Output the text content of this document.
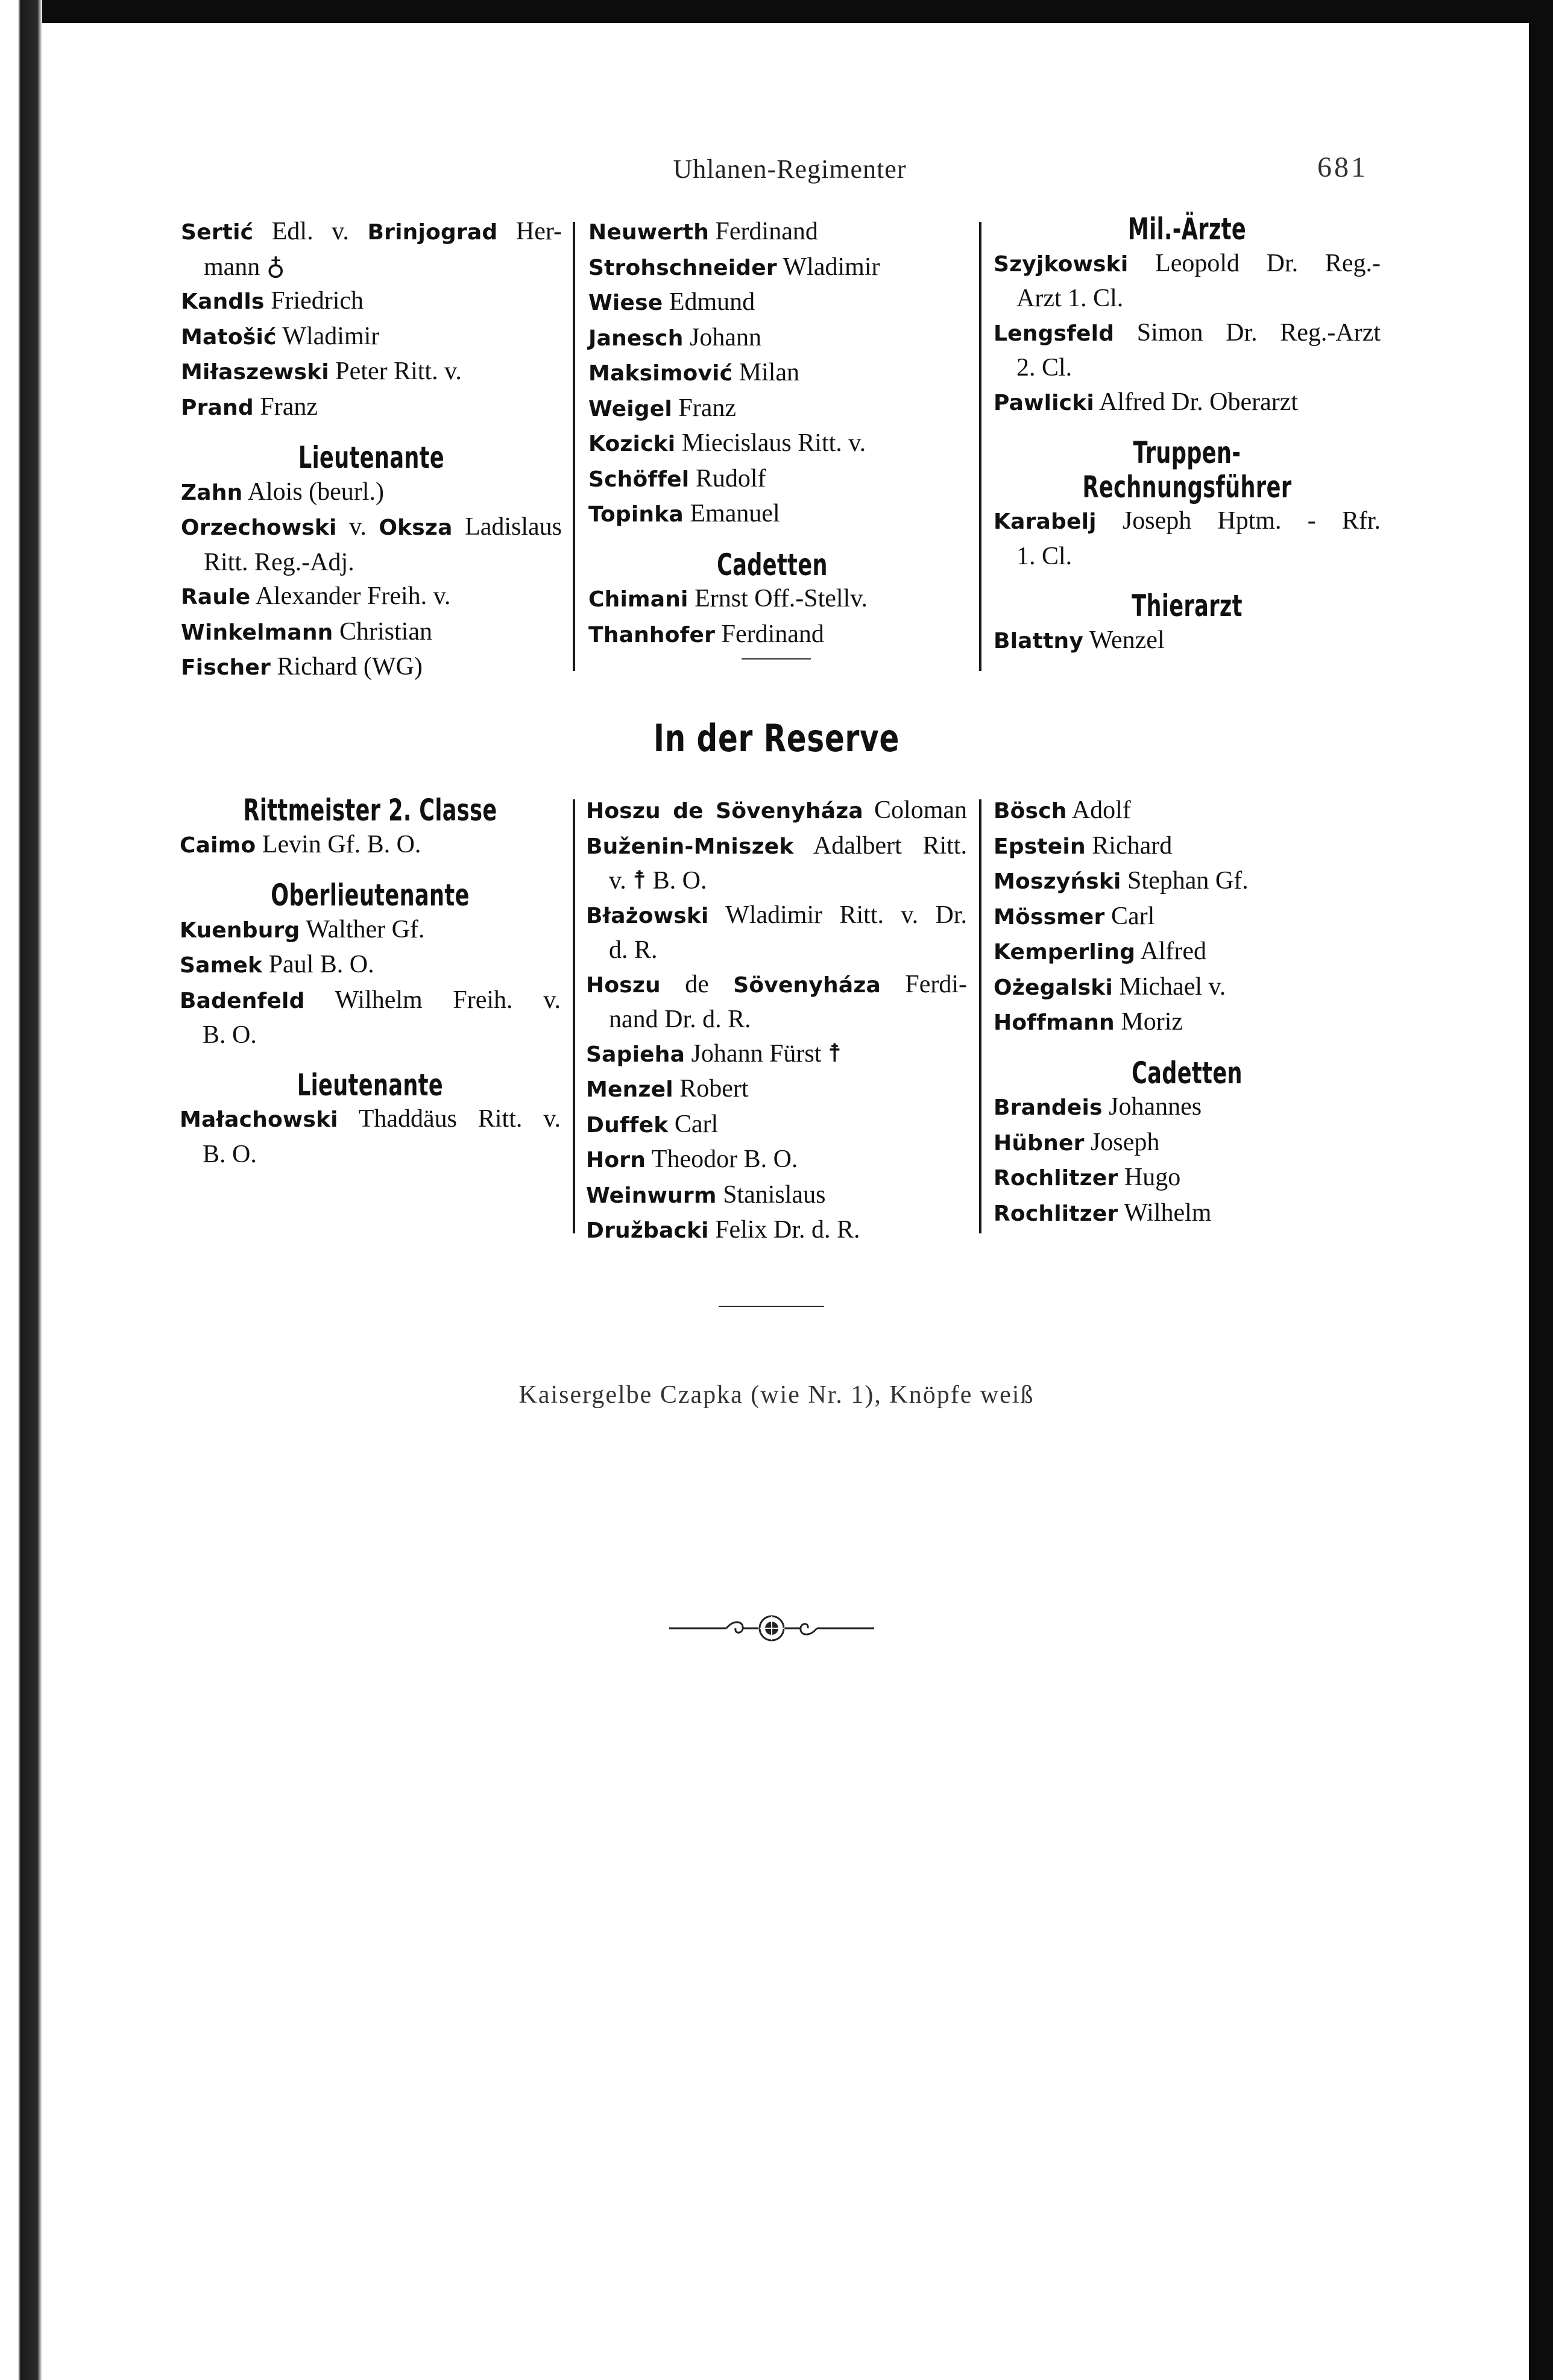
Uhlanen-Regimenter	681
Sertić Edl. v. Brinjograd Her-
mann ♁
Kandls Friedrich
Matošić Wladimir
Miłaszewski Peter Ritt. v.
Prand Franz
Lieutenante
Zahn Alois (beurl.)
Orzechowski v. Oksza Ladislaus
Ritt. Reg.-Adj.
Raule Alexander Freih. v.
Winkelmann Christian
Fischer Richard (WG)
Neuwerth Ferdinand
Strohschneider Wladimir
Wiese Edmund
Janesch Johann
Maksimović Milan
Weigel Franz
Kozicki Miecislaus Ritt. v.
Schöffel Rudolf
Topinka Emanuel
Cadetten
Chimani Ernst Off.-Stellv.
Thanhofer Ferdinand
Mil.-Ärzte
Szyjkowski Leopold Dr. Reg.-
Arzt 1. Cl.
Lengsfeld Simon Dr. Reg.-Arzt
2. Cl.
Pawlicki Alfred Dr. Oberarzt
Truppen-Rechnungsführer
Karabelj Joseph Hptm. - Rfr.
1. Cl.
Thierarzt
Blattny Wenzel
In der Reserve
Rittmeister 2. Classe
Caimo Levin Gf. B. O.
Oberlieutenante
Kuenburg Walther Gf.
Samek Paul B. O.
Badenfeld Wilhelm Freih. v.
B. O.
Lieutenante
Małachowski Thaddäus Ritt. v.
B. O.
Hoszu de Sövenyháza Coloman
Buženin-Mniszek Adalbert Ritt.
v. ☨ B. O.
Błażowski Wladimir Ritt. v. Dr.
d. R.
Hoszu de Sövenyháza Ferdi-
nand Dr. d. R.
Sapieha Johann Fürst ☨
Menzel Robert
Duffek Carl
Horn Theodor B. O.
Weinwurm Stanislaus
Družbacki Felix Dr. d. R.
Bösch Adolf
Epstein Richard
Moszyński Stephan Gf.
Mössmer Carl
Kemperling Alfred
Ożegalski Michael v.
Hoffmann Moriz
Cadetten
Brandeis Johannes
Hübner Joseph
Rochlitzer Hugo
Rochlitzer Wilhelm
Kaisergelbe Czapka (wie Nr. 1), Knöpfe weiß
